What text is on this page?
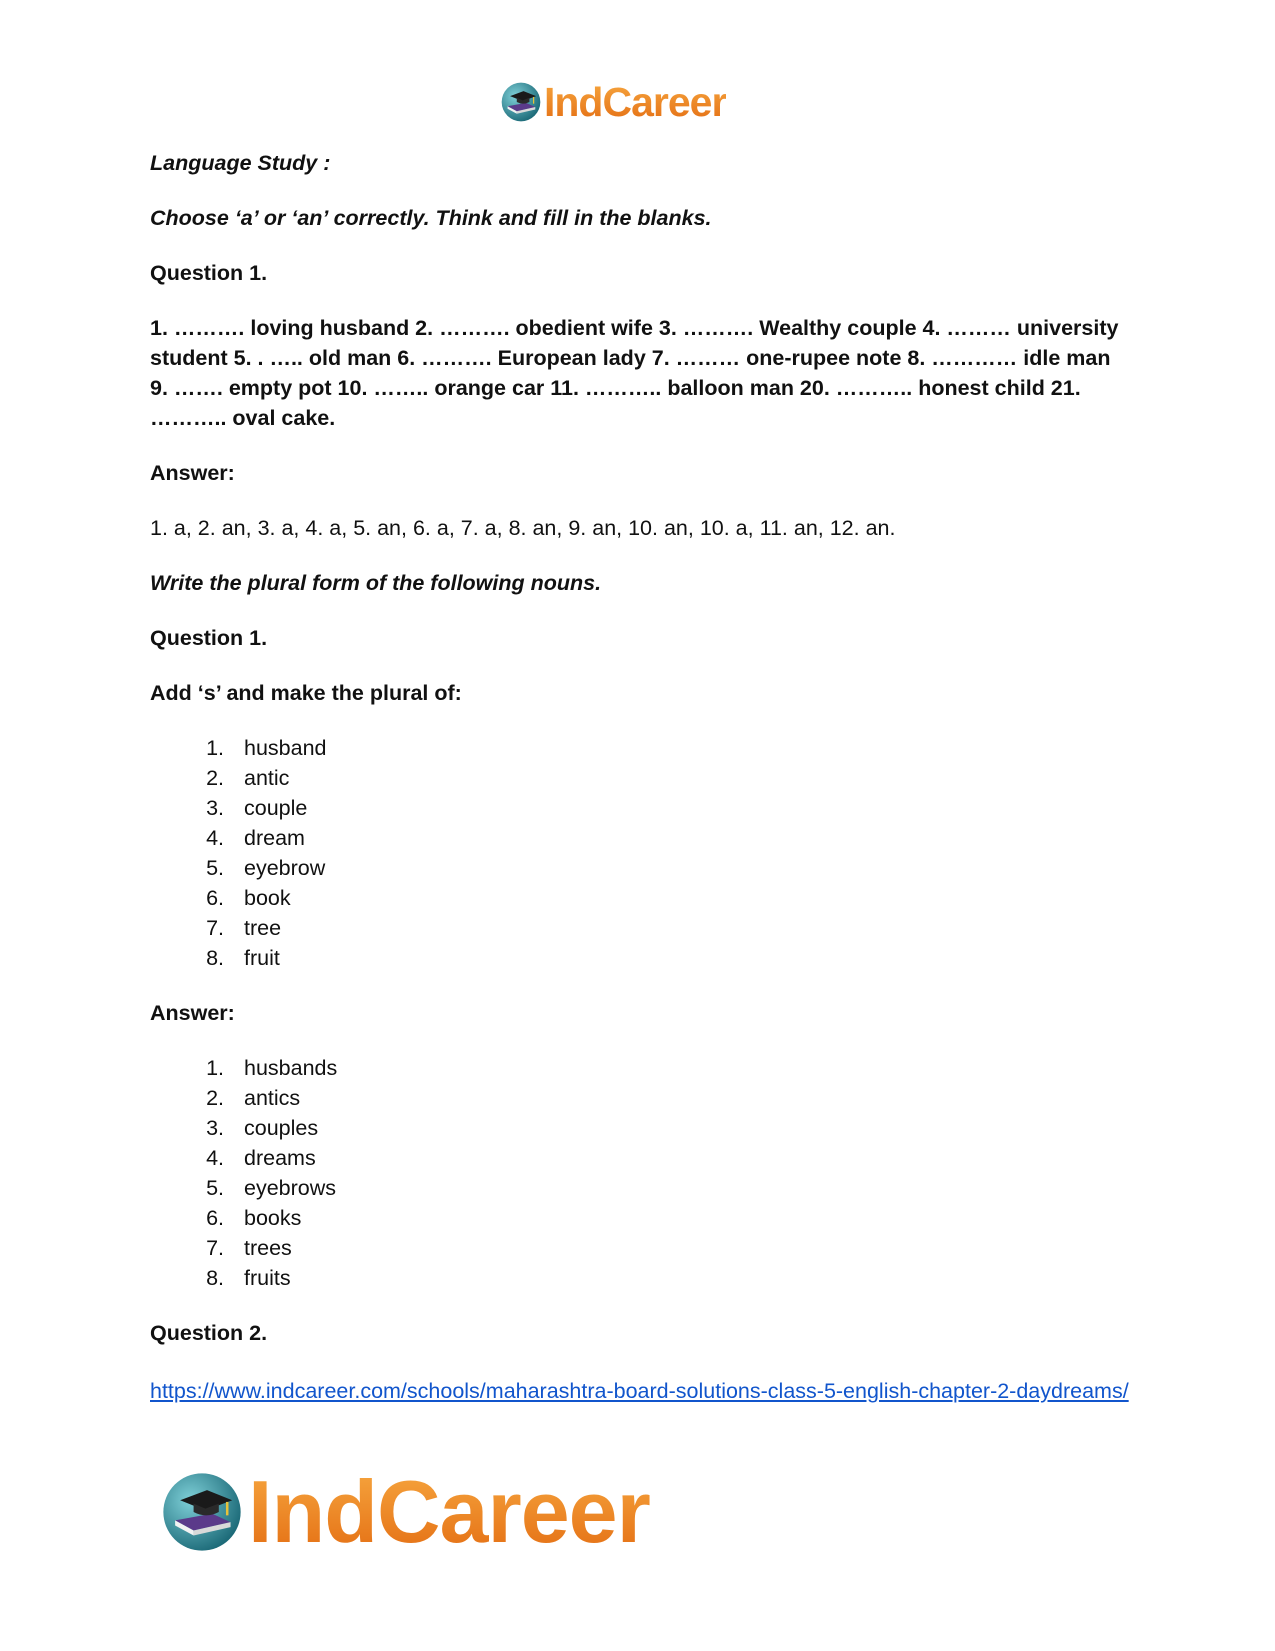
IndCareer

Language Study :

Choose ‘a’ or ‘an’ correctly. Think and fill in the blanks.

Question 1.

1. ………. loving husband 2. ………. obedient wife 3. ………. Wealthy couple 4. ……… university student 5. . ….. old man 6. ………. European lady 7. ……… one-rupee note 8. ………… idle man 9. ……. empty pot 10. …….. orange car 11. ……….. balloon man 20. ……….. honest child 21. ……….. oval cake.

Answer:

1. a, 2. an, 3. a, 4. a, 5. an, 6. a, 7. a, 8. an, 9. an, 10. an, 10. a, 11. an, 12. an.

Write the plural form of the following nouns.

Question 1.

Add ‘s’ and make the plural of:

1. husband
2. antic
3. couple
4. dream
5. eyebrow
6. book
7. tree
8. fruit

Answer:

1. husbands
2. antics
3. couples
4. dreams
5. eyebrows
6. books
7. trees
8. fruits

Question 2.

https://www.indcareer.com/schools/maharashtra-board-solutions-class-5-english-chapter-2-daydreams/

IndCareer
